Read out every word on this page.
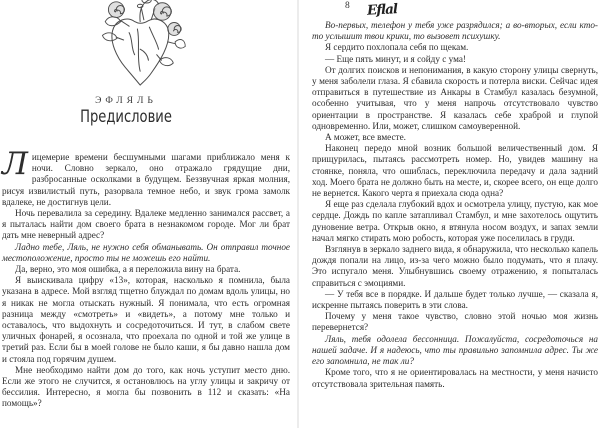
ЭФЛЯЛЬ
Предисловие

Лицемерие времени бесшумными шагами приближало меня к ночи. Словно зеркало, оно отражало грядущие дни, разбросанные осколками в будущем. Беззвучная яркая молния, рисуя извилистый путь, разорвала темное небо, и звук грома замолк вдалеке, не достигнув цели.

Ночь перевалила за середину. Вдалеке медленно занимался рассвет, а я пыталась найти дом своего брата в незнакомом городе. Мог ли брат дать мне неверный адрес?

Ладно тебе, Ляль, не нужно себя обманывать. Он отправил точное местоположение, просто ты не можешь его найти.

Да, верно, это моя ошибка, а я переложила вину на брата.

Я выискивала цифру «13», которая, насколько я помнила, была указана в адресе. Мой взгляд тщетно блуждал по домам вдоль улицы, но я никак не могла отыскать нужный. Я понимала, что есть огромная разница между «смотреть» и «видеть», а потому мне только и оставалось, что выдохнуть и сосредоточиться. И тут, в слабом свете уличных фонарей, я осознала, что проехала по одной и той же улице в третий раз. Если бы в моей голове не было каши, я бы давно нашла дом и стояла под горячим душем.

Мне необходимо найти дом до того, как ночь уступит место дню. Если же этого не случится, я остановлюсь на углу улицы и закричу от бессилия. Интересно, я могла бы позвонить в 112 и сказать: «На помощь»?

$^8$ Eflal

Во-первых, телефон у тебя уже разрядился; а во-вторых, если кто-то услышит твои крики, то вызовет психушку.

Я сердито похлопала себя по щекам.

— Еще пять минут, и я сойду с ума!

От долгих поисков и непонимания, в какую сторону улицы свернуть, у меня заболели глаза. Я сбавила скорость и потерла виски. Сейчас идея отправиться в путешествие из Анкары в Стамбул казалась безумной, особенно учитывая, что у меня напрочь отсутствовало чувство ориентации в пространстве. Я казалась себе храброй и глупой одновременно. Или, может, слишком самоуверенной.

А может, все вместе.

Наконец передо мной возник большой величественный дом. Я прищурилась, пытаясь рассмотреть номер. Но, увидев машину на стоянке, поняла, что ошиблась, переключила передачу и дала задний ход. Моего брата не должно быть на месте, и, скорее всего, он еще долго не вернется. Какого черта я приехала сюда одна?

Я еще раз сделала глубокий вдох и осмотрела улицу, пустую, как мое сердце. Дождь по капле затапливал Стамбул, и мне захотелось ощутить дуновение ветра. Открыв окно, я втянула носом воздух, и запах земли начал мягко стирать мою робость, которая уже поселилась в груди.

Взглянув в зеркало заднего вида, я обнаружила, что несколько капель дождя попали на лицо, из-за чего можно было подумать, что я плачу. Это испугало меня. Улыбнувшись своему отражению, я попыталась справиться с эмоциями.

— У тебя все в порядке. И дальше будет только лучше, — сказала я, искренне пытаясь поверить в эти слова.

Почему у меня такое чувство, словно этой ночью моя жизнь перевернется?

Ляль, тебя одолела бессонница. Пожалуйста, сосредоточься на нашей задаче. И я надеюсь, что ты правильно запомнила адрес. Ты же его запомнила, не так ли?

Кроме того, что я не ориентировалась на местности, у меня начисто отсутствовала зрительная память.
